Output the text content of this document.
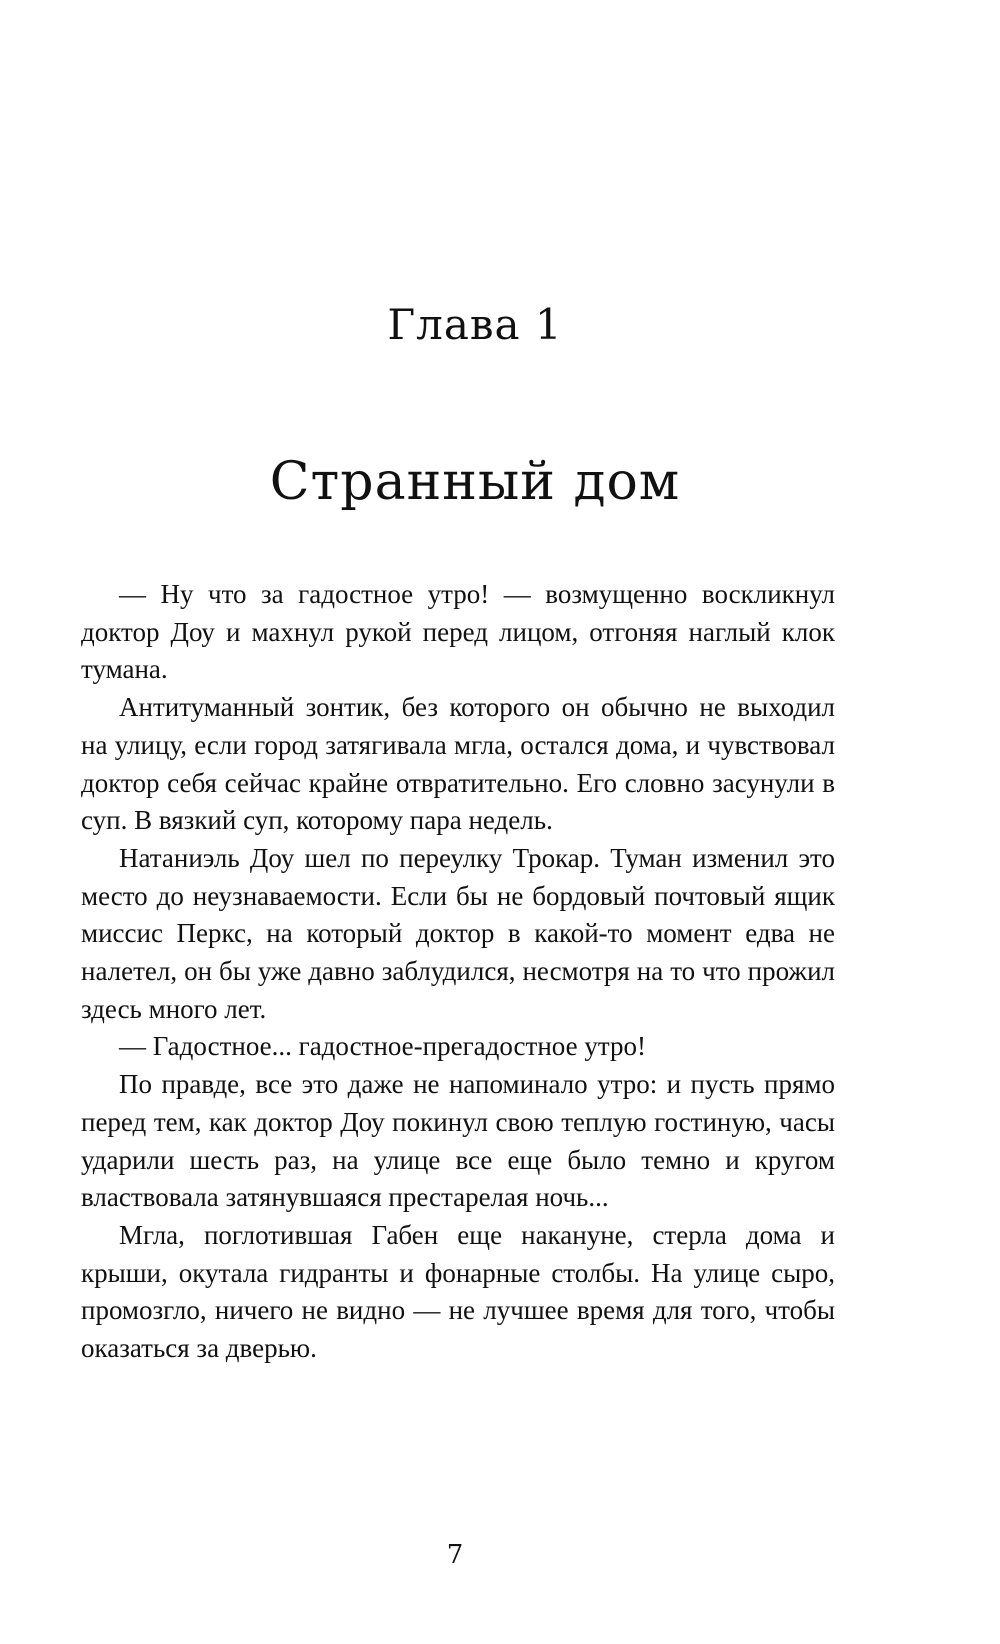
Глава 1
Странный дом

— Ну что за гадостное утро! — возмущенно воскликнул доктор Доу и махнул рукой перед лицом, отгоняя наглый клок тумана.

Антитуманный зонтик, без которого он обычно не выходил на улицу, если город затягивала мгла, остался дома, и чувствовал доктор себя сейчас крайне отвратительно. Его словно засунули в суп. В вязкий суп, которому пара недель.

Натаниэль Доу шел по переулку Трокар. Туман изменил это место до неузнаваемости. Если бы не бордовый почтовый ящик миссис Перкс, на который доктор в какой-то момент едва не налетел, он бы уже давно заблудился, несмотря на то что прожил здесь много лет.

— Гадостное... гадостное-прегадостное утро!

По правде, все это даже не напоминало утро: и пусть прямо перед тем, как доктор Доу покинул свою теплую гостиную, часы ударили шесть раз, на улице все еще было темно и кругом властвовала затянувшаяся престарелая ночь...

Мгла, поглотившая Габен еще накануне, стерла дома и крыши, окутала гидранты и фонарные столбы. На улице сыро, промозгло, ничего не видно — не лучшее время для того, чтобы оказаться за дверью.

7
